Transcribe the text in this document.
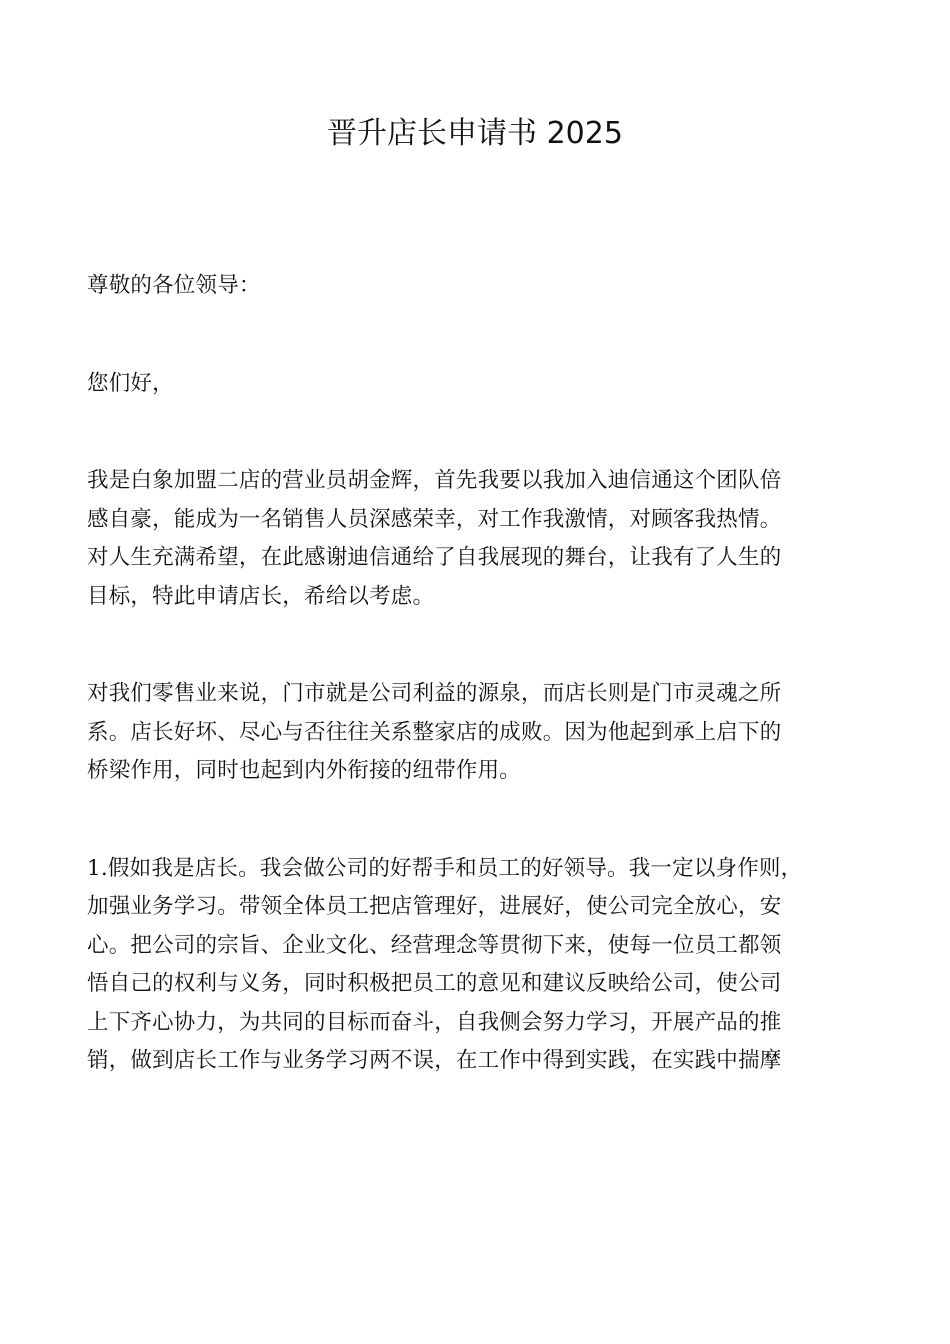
晋升店长申请书 2025

尊敬的各位领导：

您们好，

我是白象加盟二店的营业员胡金辉，首先我要以我加入迪信通这个团队倍
感自豪，能成为一名销售人员深感荣幸，对工作我激情，对顾客我热情。
对人生充满希望，在此感谢迪信通给了自我展现的舞台，让我有了人生的
目标，特此申请店长，希给以考虑。

对我们零售业来说，门市就是公司利益的源泉，而店长则是门市灵魂之所
系。店长好坏、尽心与否往往关系整家店的成败。因为他起到承上启下的
桥梁作用，同时也起到内外衔接的纽带作用。

1.假如我是店长。我会做公司的好帮手和员工的好领导。我一定以身作则，
加强业务学习。带领全体员工把店管理好，进展好，使公司完全放心，安
心。把公司的宗旨、企业文化、经营理念等贯彻下来，使每一位员工都领
悟自己的权利与义务，同时积极把员工的意见和建议反映给公司，使公司
上下齐心协力，为共同的目标而奋斗，自我侧会努力学习，开展产品的推
销，做到店长工作与业务学习两不误，在工作中得到实践，在实践中揣摩
